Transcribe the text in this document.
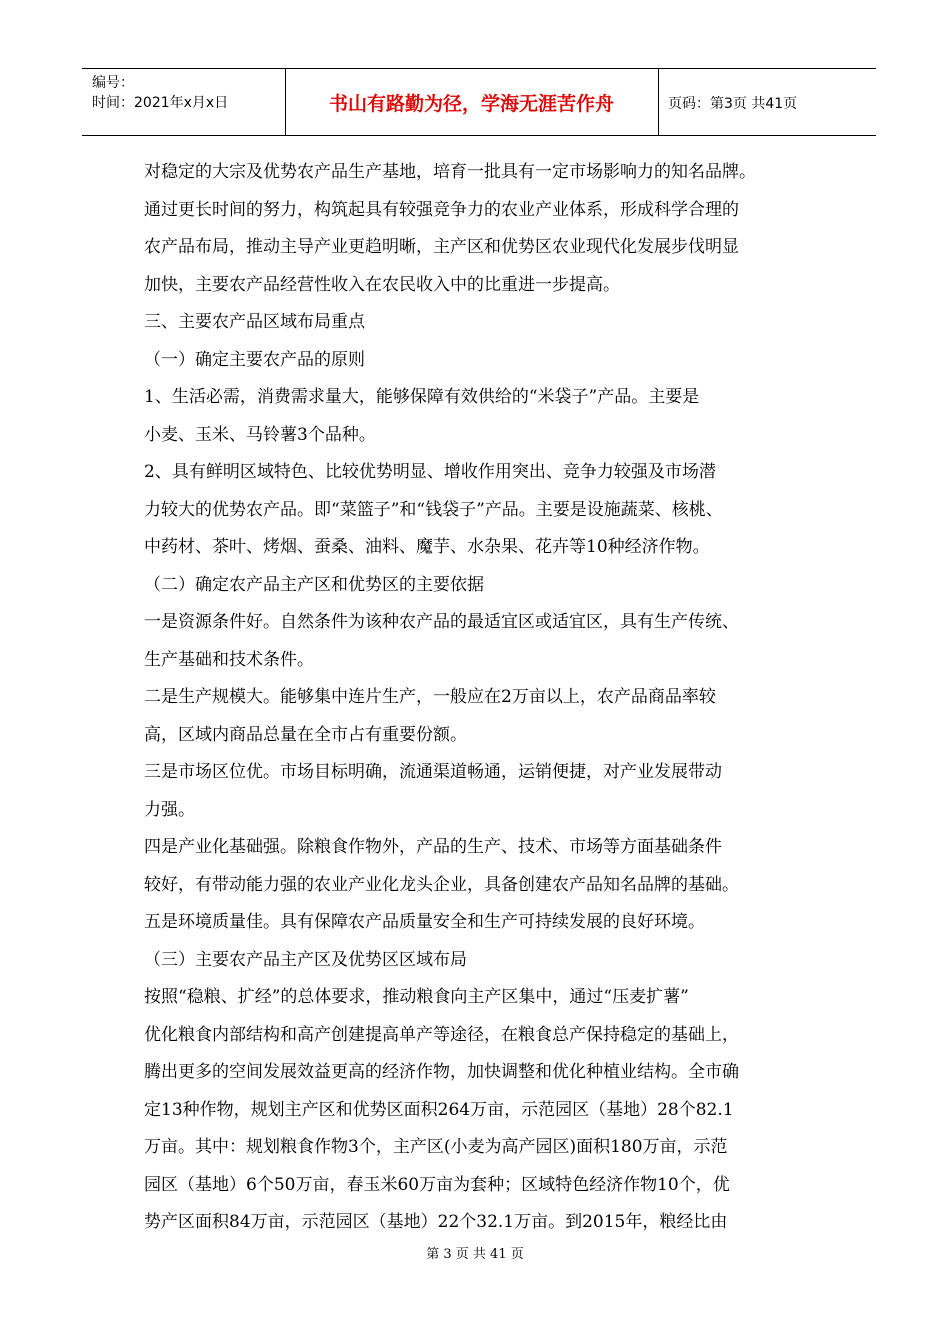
编号：
时间：2021年x月x日	书山有路勤为径，学海无涯苦作舟	页码：第3页 共41页

对稳定的大宗及优势农产品生产基地，培育一批具有一定市场影响力的知名品牌。

通过更长时间的努力，构筑起具有较强竞争力的农业产业体系，形成科学合理的

农产品布局，推动主导产业更趋明晰，主产区和优势区农业现代化发展步伐明显

加快，主要农产品经营性收入在农民收入中的比重进一步提高。

三、主要农产品区域布局重点

（一）确定主要农产品的原则

1、生活必需，消费需求量大，能够保障有效供给的“米袋子”产品。主要是

小麦、玉米、马铃薯3个品种。

2、具有鲜明区域特色、比较优势明显、增收作用突出、竞争力较强及市场潜

力较大的优势农产品。即“菜篮子”和“钱袋子”产品。主要是设施蔬菜、核桃、

中药材、茶叶、烤烟、蚕桑、油料、魔芋、水杂果、花卉等10种经济作物。

（二）确定农产品主产区和优势区的主要依据

一是资源条件好。自然条件为该种农产品的最适宜区或适宜区，具有生产传统、

生产基础和技术条件。

二是生产规模大。能够集中连片生产，一般应在2万亩以上，农产品商品率较

高，区域内商品总量在全市占有重要份额。

三是市场区位优。市场目标明确，流通渠道畅通，运销便捷，对产业发展带动

力强。

四是产业化基础强。除粮食作物外，产品的生产、技术、市场等方面基础条件

较好，有带动能力强的农业产业化龙头企业，具备创建农产品知名品牌的基础。

五是环境质量佳。具有保障农产品质量安全和生产可持续发展的良好环境。

（三）主要农产品主产区及优势区区域布局

按照“稳粮、扩经”的总体要求，推动粮食向主产区集中，通过“压麦扩薯”

优化粮食内部结构和高产创建提高单产等途径，在粮食总产保持稳定的基础上，

腾出更多的空间发展效益更高的经济作物，加快调整和优化种植业结构。全市确

定13种作物，规划主产区和优势区面积264万亩，示范园区（基地）28个82.1

万亩。其中：规划粮食作物3个，主产区(小麦为高产园区)面积180万亩，示范

园区（基地）6个50万亩，春玉米60万亩为套种；区域特色经济作物10个，优

势产区面积84万亩，示范园区（基地）22个32.1万亩。到2015年，粮经比由

第 3 页 共 41 页
